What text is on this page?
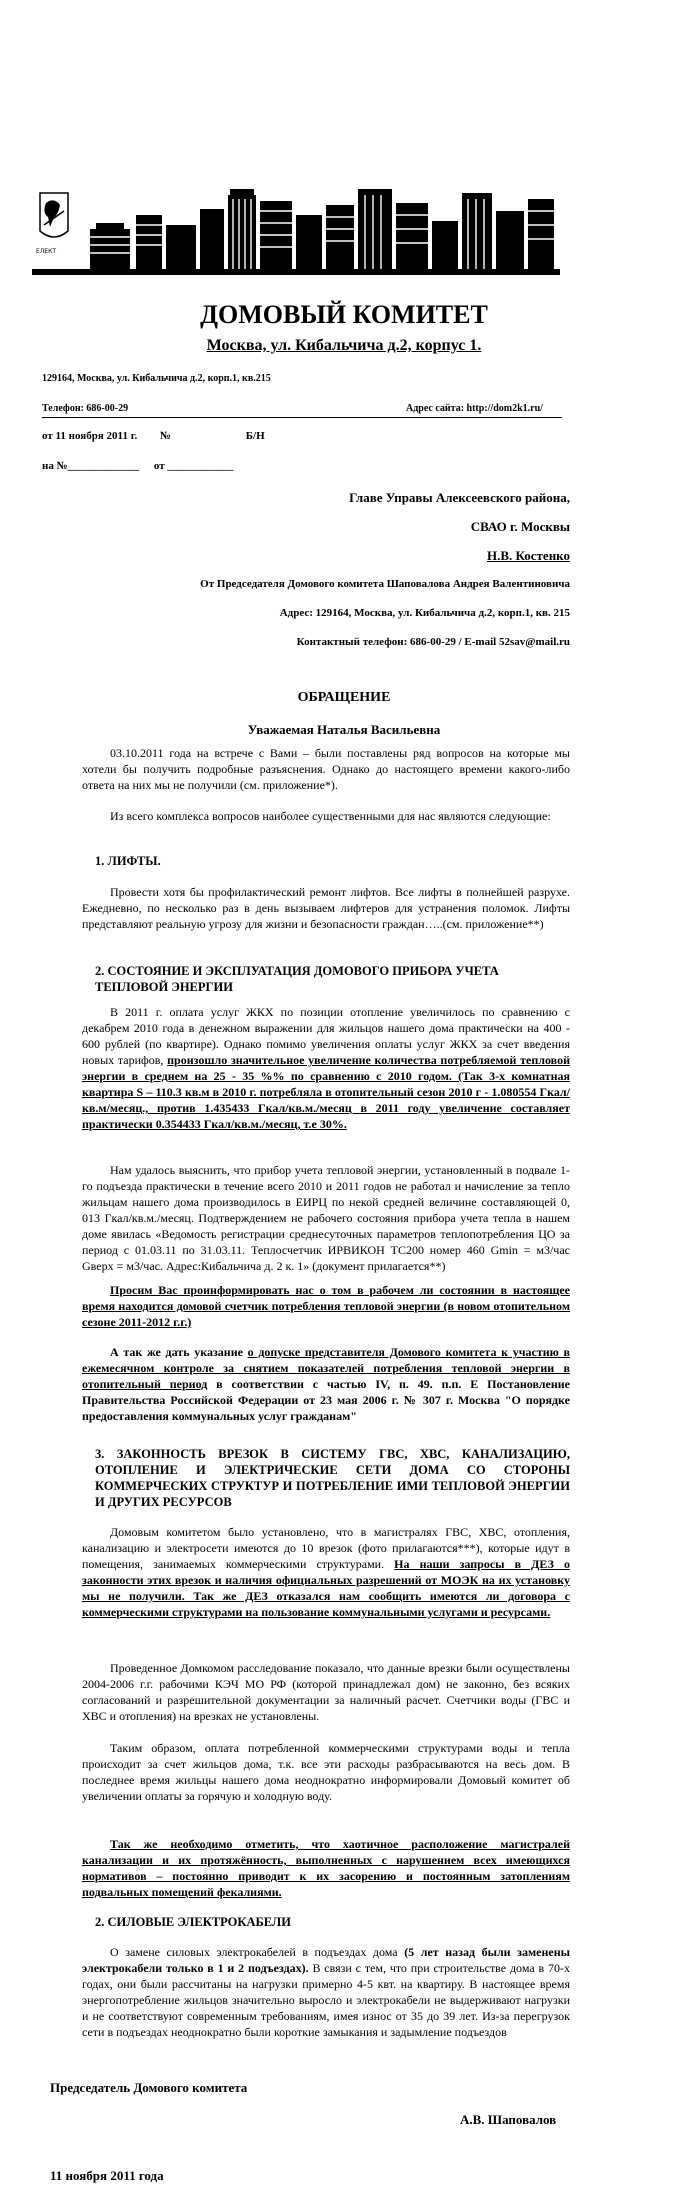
ЕЛЕКТ
ДОМОВЫЙ КОМИТЕТ
Москва, ул. Кибальчича д.2, корпус 1.
129164, Москва, ул. Кибальчича д.2, корп.1, кв.215
Телефон: 686-00-29	Адрес сайта: http://dom2k1.ru/
от 11 ноября 2011 г. №	Б/Н
на №_____________ от ____________
Главе Управы Алексеевского района,
СВАО г. Москвы
Н.В. Костенко
От Председателя Домового комитета Шаповалова Андрея Валентиновича
Адрес: 129164, Москва, ул. Кибальчича д.2, корп.1, кв. 215
Контактный телефон: 686-00-29 / E-mail 52sav@mail.ru
ОБРАЩЕНИЕ
Уважаемая Наталья Васильевна

03.10.2011 года на встрече с Вами – были поставлены ряд вопросов на которые мы хотели бы получить подробные разъяснения. Однако до настоящего времени какого-либо ответа на них мы не получили (см. приложение*).

Из всего комплекса вопросов наиболее существенными для нас являются следующие:

1. ЛИФТЫ.

Провести хотя бы профилактический ремонт лифтов. Все лифты в полнейшей разрухе. Ежедневно, по несколько раз в день вызываем лифтеров для устранения поломок. Лифты представляют реальную угрозу для жизни и безопасности граждан…..(см. приложение**)

2. СОСТОЯНИЕ И ЭКСПЛУАТАЦИЯ ДОМОВОГО ПРИБОРА УЧЕТА ТЕПЛОВОЙ ЭНЕРГИИ

В 2011 г. оплата услуг ЖКХ по позиции отопление увеличилось по сравнению с декабрем 2010 года в денежном выражении для жильцов нашего дома практически на 400 - 600 рублей (по квартире). Однако помимо увеличения оплаты услуг ЖКХ за счет введения новых тарифов, произошло значительное увеличение количества потребляемой тепловой энергии в среднем на 25 - 35 %% по сравнению с 2010 годом. (Так 3-х комнатная квартира S – 110.3 кв.м в 2010 г. потребляла в отопительный сезон 2010 г - 1.080554 Гкал/кв.м/месяц., против 1.435433 Гкал/кв.м./месяц в 2011 году увеличение составляет практически 0.354433 Гкал/кв.м./месяц, т.е 30%.

Нам удалось выяснить, что прибор учета тепловой энергии, установленный в подвале 1-го подъезда практически в течение всего 2010 и 2011 годов не работал и начисление за тепло жильцам нашего дома производилось в ЕИРЦ по некой средней величине составляющей 0, 013 Гкал/кв.м./месяц. Подтверждением не рабочего состояния прибора учета тепла в нашем доме явилась «Ведомость регистрации среднесуточных параметров теплопотребления ЦО за период с 01.03.11 по 31.03.11. Теплосчетчик ИРВИКОН ТС200 номер 460 Gmin = м3/час Gверх = м3/час. Адрес:Кибальчича д. 2 к. 1» (документ прилагается**)

Просим Вас проинформировать нас о том в рабочем ли состоянии в настоящее время находится домовой счетчик потребления тепловой энергии (в новом отопительном сезоне 2011-2012 г.г.)

А так же дать указание о допуске представителя Домового комитета к участию в ежемесячном контроле за снятием показателей потребления тепловой энергии в отопительный период в соответствии с частью IV, п. 49. п.п. Е Постановление Правительства Российской Федерации от 23 мая 2006 г. № 307 г. Москва "О порядке предоставления коммунальных услуг гражданам"

3. ЗАКОННОСТЬ ВРЕЗОК В СИСТЕМУ ГВС, ХВС, КАНАЛИЗАЦИЮ, ОТОПЛЕНИЕ И ЭЛЕКТРИЧЕСКИЕ СЕТИ ДОМА СО СТОРОНЫ КОММЕРЧЕСКИХ СТРУКТУР И ПОТРЕБЛЕНИЕ ИМИ ТЕПЛОВОЙ ЭНЕРГИИ И ДРУГИХ РЕСУРСОВ

Домовым комитетом было установлено, что в магистралях ГВС, ХВС, отопления, канализацию и электросети имеются до 10 врезок (фото прилагаются***), которые идут в помещения, занимаемых коммерческими структурами. На наши запросы в ДЕЗ о законности этих врезок и наличия официальных разрешений от МОЭК на их установку мы не получили. Так же ДЕЗ отказался нам сообщить имеются ли договора с коммерческими структурами на пользование коммунальными услугами и ресурсами.

Проведенное Домкомом расследование показало, что данные врезки были осуществлены 2004-2006 г.г. рабочими КЭЧ МО РФ (которой принадлежал дом) не законно, без всяких согласований и разрешительной документации за наличный расчет. Счетчики воды (ГВС и ХВС и отопления) на врезках не установлены.

Таким образом, оплата потребленной коммерческими структурами воды и тепла происходит за счет жильцов дома, т.к. все эти расходы разбрасываются на весь дом. В последнее время жильцы нашего дома неоднократно информировали Домовый комитет об увеличении оплаты за горячую и холодную воду.

Так же необходимо отметить, что хаотичное расположение магистралей канализации и их протяжённость, выполненных с нарушением всех имеющихся нормативов – постоянно приводит к их засорению и постоянным затоплениям подвальных помещений фекалиями.

2. СИЛОВЫЕ ЭЛЕКТРОКАБЕЛИ

О замене силовых электрокабелей в подъездах дома (5 лет назад были заменены электрокабели только в 1 и 2 подъездах). В связи с тем, что при строительстве дома в 70-х годах, они были рассчитаны на нагрузки примерно 4-5 квт. на квартиру. В настоящее время энергопотребление жильцов значительно выросло и электрокабели не выдерживают нагрузки и не соответствуют современным требованиям, имея износ от 35 до 39 лет. Из-за перегрузок сети в подъездах неоднократно были короткие замыкания и задымление подъездов

Председатель Домового комитета
А.В. Шаповалов
11 ноября 2011 года
